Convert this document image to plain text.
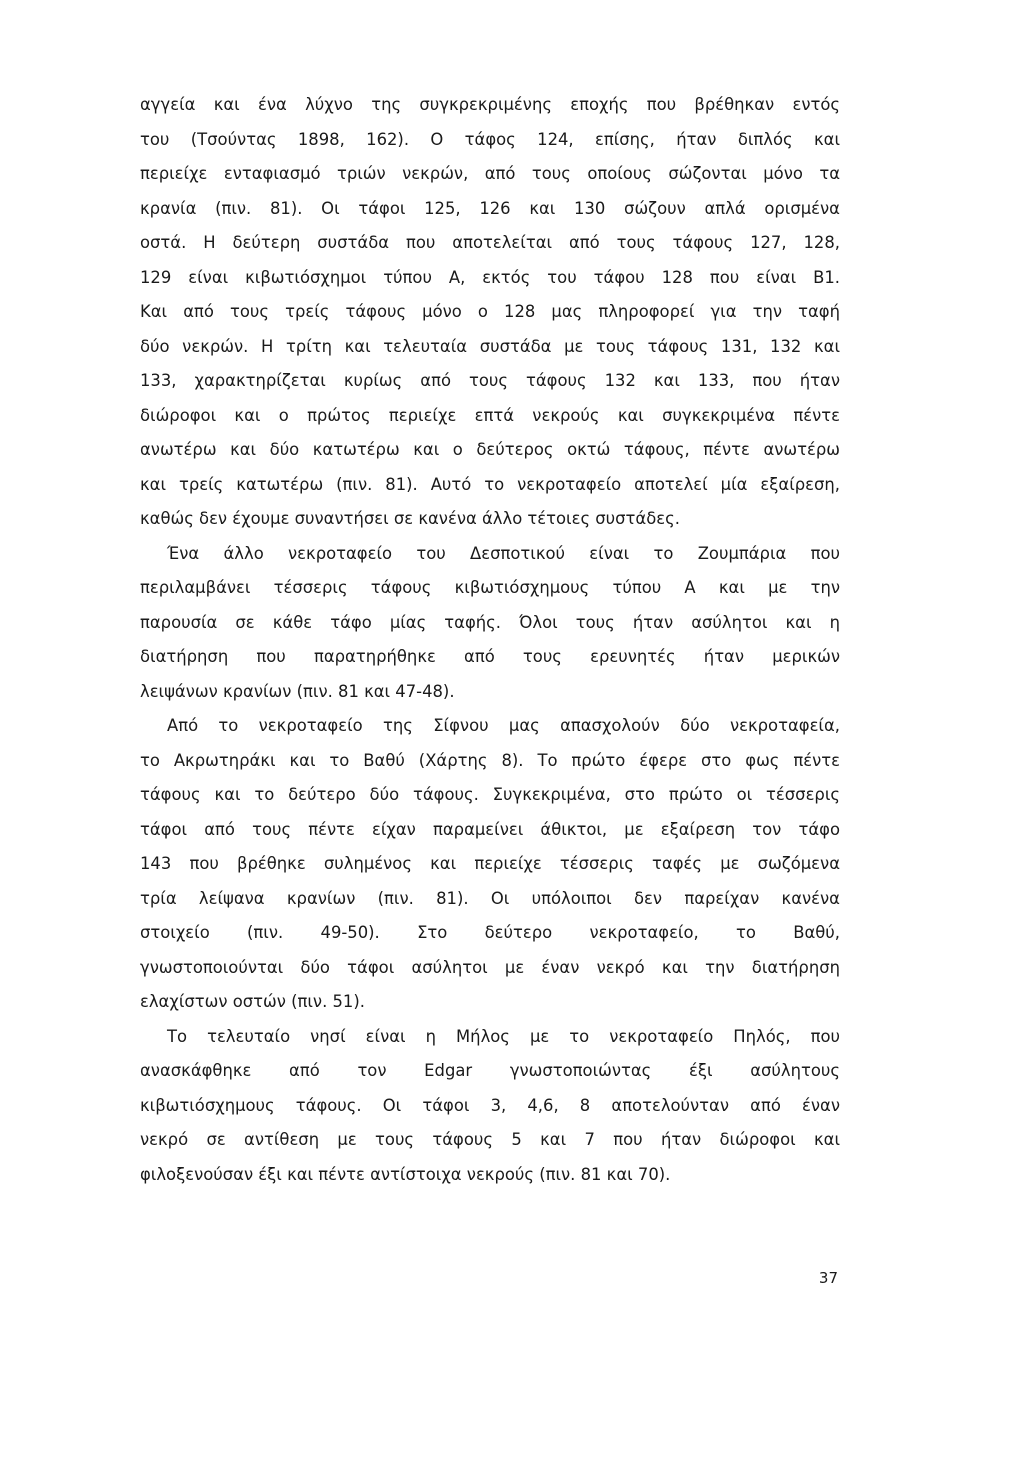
αγγεία και ένα λύχνο της συγκρεκριμένης εποχής που βρέθηκαν εντός
του (Τσούντας 1898, 162). Ο τάφος 124, επίσης, ήταν διπλός και
περιείχε ενταφιασμό τριών νεκρών, από τους οποίους σώζονται μόνο τα
κρανία (πιν. 81). Οι τάφοι 125, 126 και 130 σώζουν απλά ορισμένα
οστά. Η δεύτερη συστάδα που αποτελείται από τους τάφους 127, 128,
129 είναι κιβωτιόσχημοι τύπου Α, εκτός του τάφου 128 που είναι Β1.
Και από τους τρείς τάφους μόνο ο 128 μας πληροφορεί για την ταφή
δύο νεκρών. Η τρίτη και τελευταία συστάδα με τους τάφους 131, 132 και
133, χαρακτηρίζεται κυρίως από τους τάφους 132 και 133, που ήταν
διώροφοι και ο πρώτος περιείχε επτά νεκρούς και συγκεκριμένα πέντε
ανωτέρω και δύο κατωτέρω και ο δεύτερος οκτώ τάφους, πέντε ανωτέρω
και τρείς κατωτέρω (πιν. 81). Αυτό το νεκροταφείο αποτελεί μία εξαίρεση,
καθώς δεν έχουμε συναντήσει σε κανένα άλλο τέτοιες συστάδες.
Ένα άλλο νεκροταφείο του Δεσποτικού είναι το Ζουμπάρια που
περιλαμβάνει τέσσερις τάφους κιβωτιόσχημους τύπου Α και με την
παρουσία σε κάθε τάφο μίας ταφής. Όλοι τους ήταν ασύλητοι και η
διατήρηση που παρατηρήθηκε από τους ερευνητές ήταν μερικών
λειψάνων κρανίων (πιν. 81 και 47-48).
Από το νεκροταφείο της Σίφνου μας απασχολούν δύο νεκροταφεία,
το Ακρωτηράκι και το Βαθύ (Χάρτης 8). Το πρώτο έφερε στο φως πέντε
τάφους και το δεύτερο δύο τάφους. Συγκεκριμένα, στο πρώτο οι τέσσερις
τάφοι από τους πέντε είχαν παραμείνει άθικτοι, με εξαίρεση τον τάφο
143 που βρέθηκε συλημένος και περιείχε τέσσερις ταφές με σωζόμενα
τρία λείψανα κρανίων (πιν. 81). Οι υπόλοιποι δεν παρείχαν κανένα
στοιχείο (πιν. 49-50). Στο δεύτερο νεκροταφείο, το Βαθύ,
γνωστοποιούνται δύο τάφοι ασύλητοι με έναν νεκρό και την διατήρηση
ελαχίστων οστών (πιν. 51).
Το τελευταίο νησί είναι η Μήλος με το νεκροταφείο Πηλός, που
ανασκάφθηκε από τον Edgar γνωστοποιώντας έξι ασύλητους
κιβωτιόσχημους τάφους. Οι τάφοι 3, 4,6, 8 αποτελούνταν από έναν
νεκρό σε αντίθεση με τους τάφους 5 και 7 που ήταν διώροφοι και
φιλοξενούσαν έξι και πέντε αντίστοιχα νεκρούς (πιν. 81 και 70).
37
